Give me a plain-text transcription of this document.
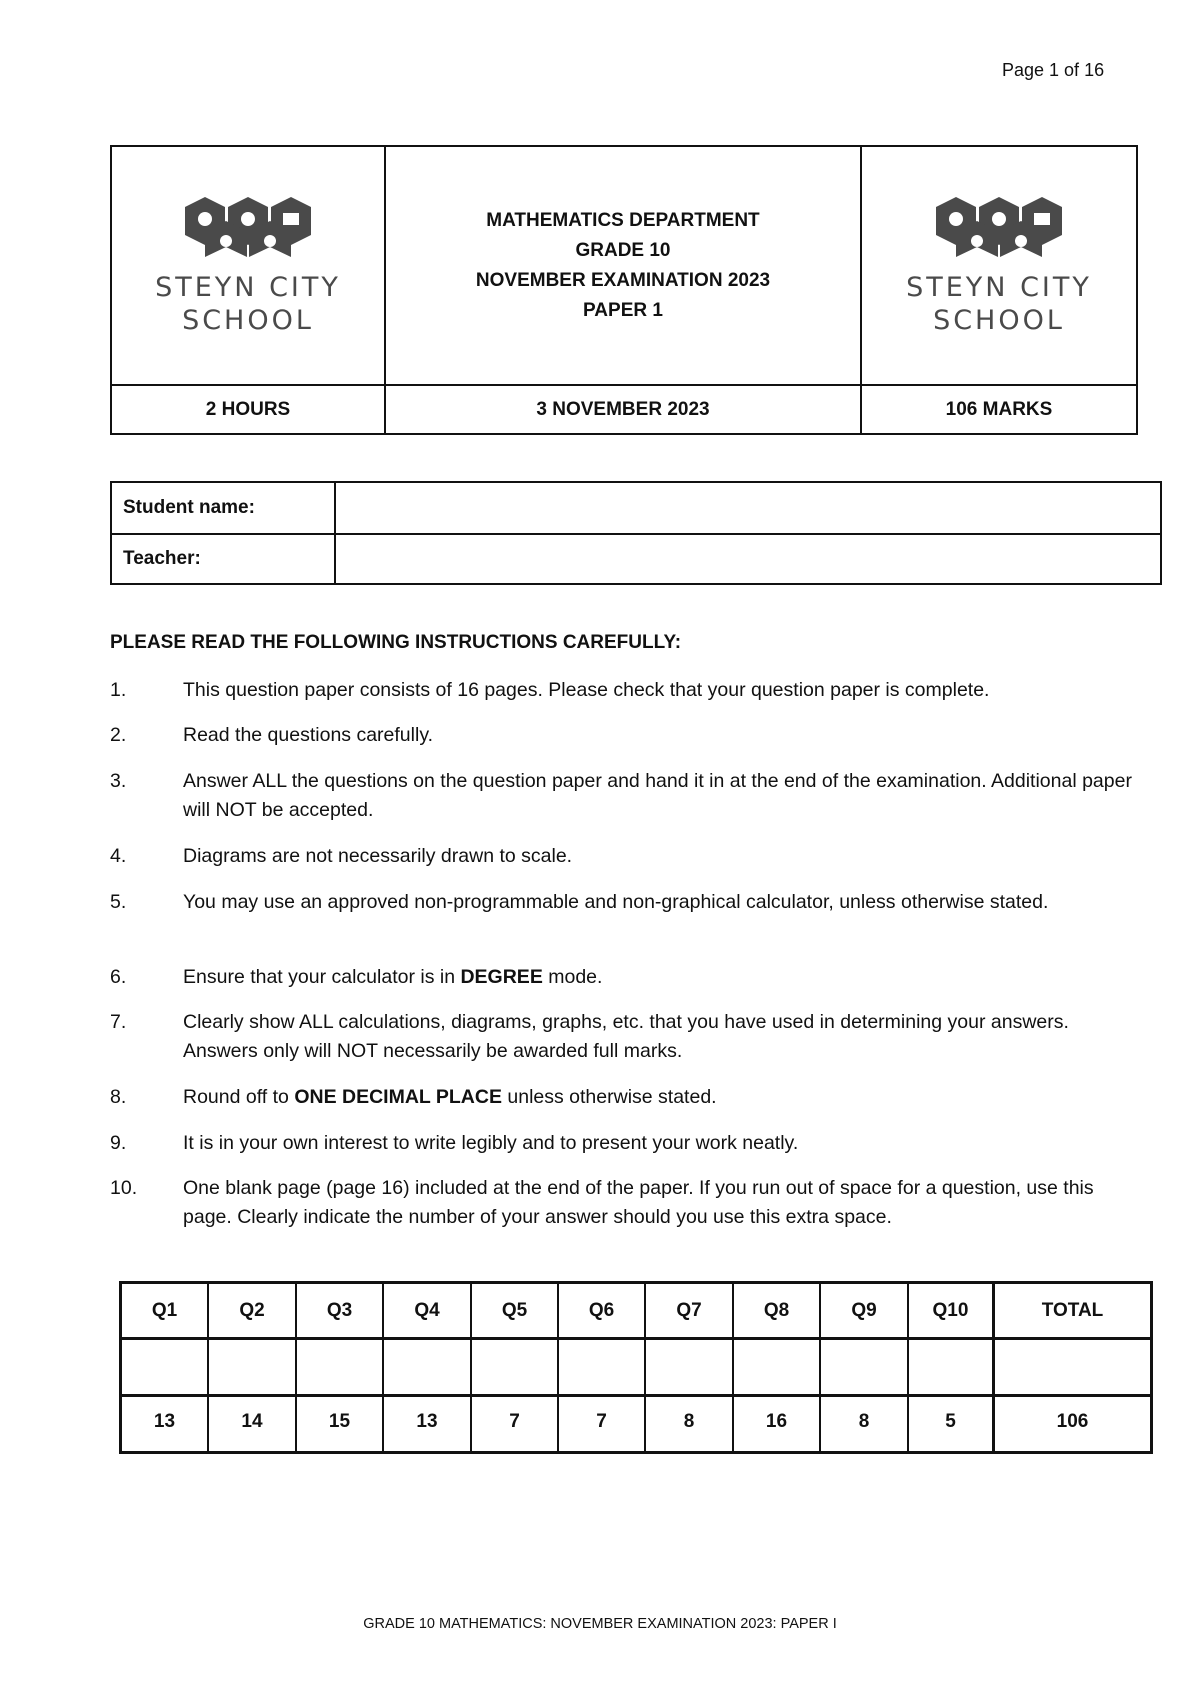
Page 1 of 16
STEYN CITY
SCHOOL
MATHEMATICS DEPARTMENT
GRADE 10
NOVEMBER EXAMINATION 2023
PAPER 1
STEYN CITY
SCHOOL
2 HOURS	3 NOVEMBER 2023	106 MARKS
Student name:
Teacher:
PLEASE READ THE FOLLOWING INSTRUCTIONS CAREFULLY:
1.	This question paper consists of 16 pages. Please check that your question paper is complete.
2.	Read the questions carefully.
3.	Answer ALL the questions on the question paper and hand it in at the end of the examination. Additional paper will NOT be accepted.
4.	Diagrams are not necessarily drawn to scale.
5.	You may use an approved non-programmable and non-graphical calculator, unless otherwise stated.
6.	Ensure that your calculator is in DEGREE mode.
7.	Clearly show ALL calculations, diagrams, graphs, etc. that you have used in determining your answers. Answers only will NOT necessarily be awarded full marks.
8.	Round off to ONE DECIMAL PLACE unless otherwise stated.
9.	It is in your own interest to write legibly and to present your work neatly.
10. One blank page (page 16) included at the end of the paper. If you run out of space for a question, use this page. Clearly indicate the number of your answer should you use this extra space.
Q1	Q2	Q3	Q4	Q5	Q6	Q7	Q8	Q9	Q10	TOTAL
13	14	15	13	7	7	8	16	8	5	106
GRADE 10 MATHEMATICS: NOVEMBER EXAMINATION 2023: PAPER I
